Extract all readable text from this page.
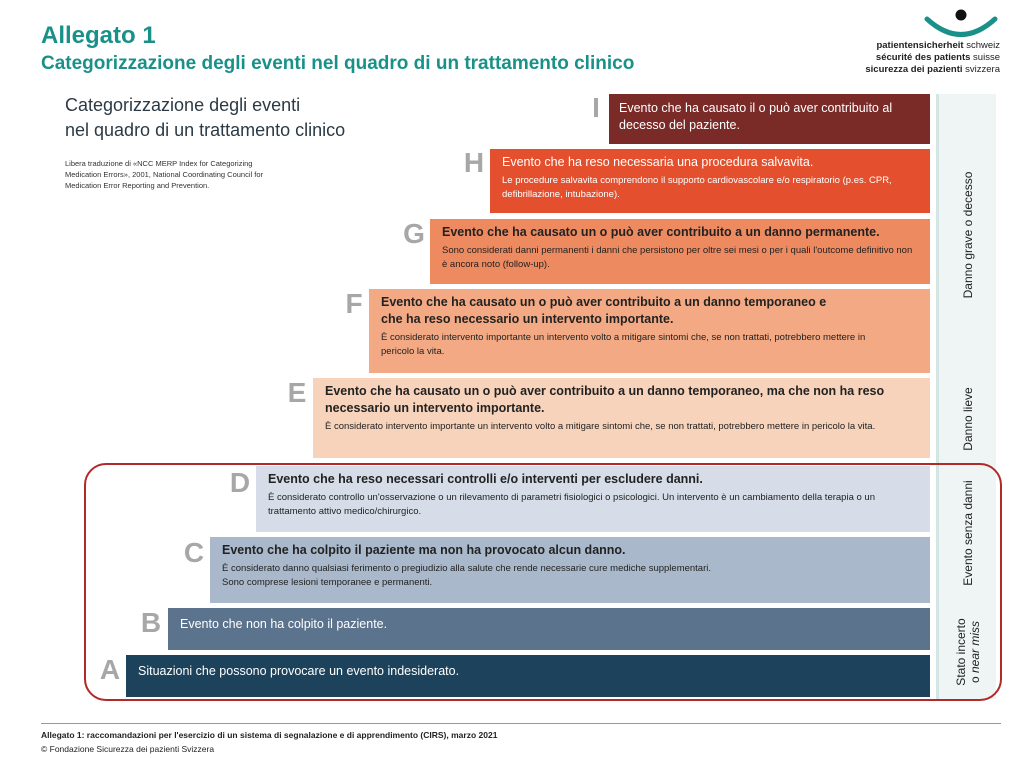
Allegato 1
Categorizzazione degli eventi nel quadro di un trattamento clinico
patientensicherheit schweiz
sécurité des patients suisse
sicurezza dei pazienti svizzera
Categorizzazione degli eventi
nel quadro di un trattamento clinico
Libera traduzione di «NCC MERP Index for Categorizing
Medication Errors», 2001, National Coordinating Council for
Medication Error Reporting and Prevention.	Danno grave o decesso
Danno lieve
Evento senza danni
Stato incerto o near miss
I	Evento che ha causato il o può aver contribuito al decesso del paziente.
H Evento che ha reso necessaria una procedura salvavita.
Le procedure salvavita comprendono il supporto cardiovascolare e/o respiratorio (p.es. CPR, defibrillazione, intubazione).
G Evento che ha causato un o può aver contribuito a un danno permanente.
Sono considerati danni permanenti i danni che persistono per oltre sei mesi o per i quali l'outcome definitivo non è ancora noto (follow-up).
F Evento che ha causato un o può aver contribuito a un danno temporaneo e che ha reso necessario un intervento importante.
È considerato intervento importante un intervento volto a mitigare sintomi che, se non trattati, potrebbero mettere in pericolo la vita.
E Evento che ha causato un o può aver contribuito a un danno temporaneo, ma che non ha reso necessario un intervento importante.
È considerato intervento importante un intervento volto a mitigare sintomi che, se non trattati, potrebbero mettere in pericolo la vita.
D Evento che ha reso necessari controlli e/o interventi per escludere danni.
È considerato controllo un'osservazione o un rilevamento di parametri fisiologici o psicologici. Un intervento è un cambiamento della terapia o un trattamento attivo medico/chirurgico.
C Evento che ha colpito il paziente ma non ha provocato alcun danno.
È considerato danno qualsiasi ferimento o pregiudizio alla salute che rende necessarie cure mediche supplementari.
Sono comprese lesioni temporanee e permanenti.
B Evento che non ha colpito il paziente.
A Situazioni che possono provocare un evento indesiderato.
Allegato 1: raccomandazioni per l'esercizio di un sistema di segnalazione e di apprendimento (CIRS), marzo 2021
© Fondazione Sicurezza dei pazienti Svizzera
